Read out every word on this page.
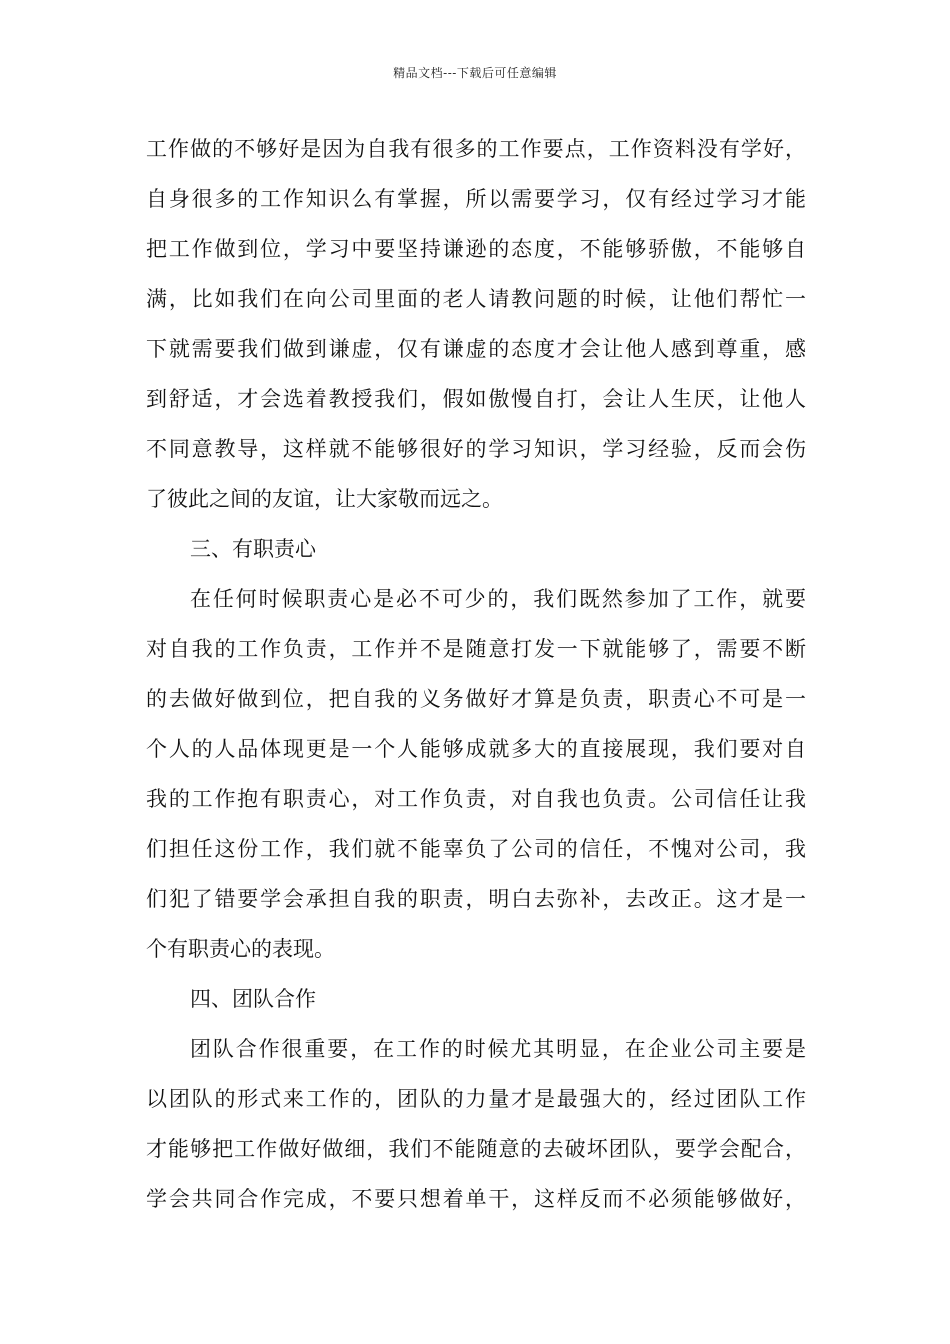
精品文档---下载后可任意编辑
工作做的不够好是因为自我有很多的工作要点，工作资料没有学好，
自身很多的工作知识么有掌握，所以需要学习，仅有经过学习才能
把工作做到位，学习中要坚持谦逊的态度，不能够骄傲，不能够自
满，比如我们在向公司里面的老人请教问题的时候，让他们帮忙一
下就需要我们做到谦虚，仅有谦虚的态度才会让他人感到尊重，感
到舒适，才会选着教授我们，假如傲慢自打，会让人生厌，让他人
不同意教导，这样就不能够很好的学习知识，学习经验，反而会伤
了彼此之间的友谊，让大家敬而远之。
三、有职责心
在任何时候职责心是必不可少的，我们既然参加了工作，就要
对自我的工作负责，工作并不是随意打发一下就能够了，需要不断
的去做好做到位，把自我的义务做好才算是负责，职责心不可是一
个人的人品体现更是一个人能够成就多大的直接展现，我们要对自
我的工作抱有职责心，对工作负责，对自我也负责。公司信任让我
们担任这份工作，我们就不能辜负了公司的信任，不愧对公司，我
们犯了错要学会承担自我的职责，明白去弥补，去改正。这才是一
个有职责心的表现。
四、团队合作
团队合作很重要，在工作的时候尤其明显，在企业公司主要是
以团队的形式来工作的，团队的力量才是最强大的，经过团队工作
才能够把工作做好做细，我们不能随意的去破坏团队，要学会配合，
学会共同合作完成，不要只想着单干，这样反而不必须能够做好，
